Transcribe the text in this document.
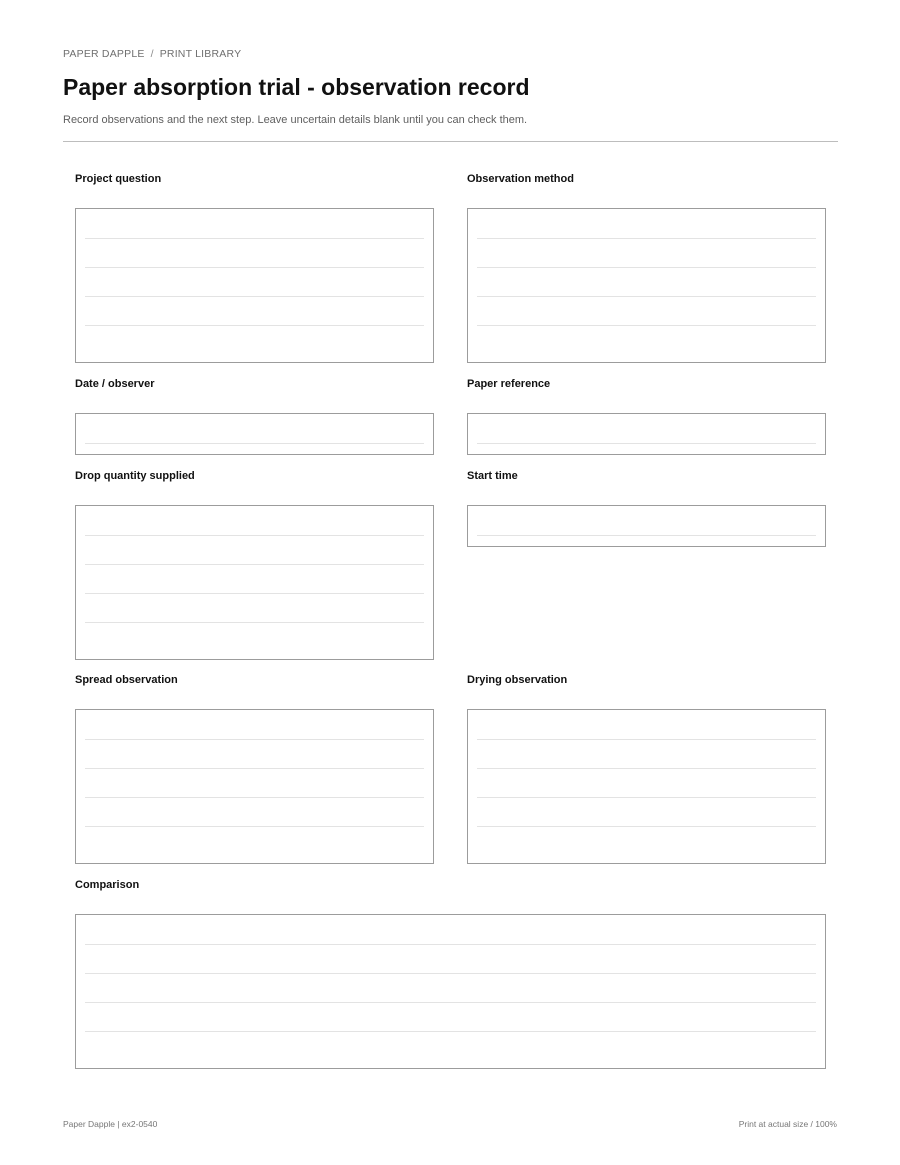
PAPER DAPPLE / PRINT LIBRARY
Paper absorption trial - observation record

Record observations and the next step. Leave uncertain details blank until you can check them.

Project question	Observation method
Date / observer	Paper reference
Drop quantity supplied	Start time
Spread observation	Drying observation
Comparison
Paper Dapple | ex2-0540	Print at actual size / 100%
